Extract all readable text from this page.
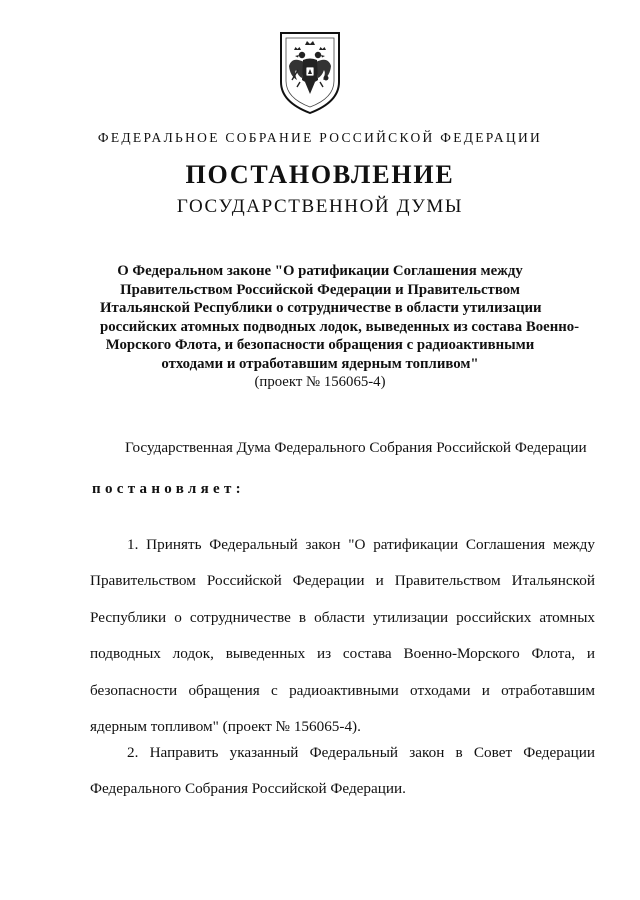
ФЕДЕРАЛЬНОЕ СОБРАНИЕ РОССИЙСКОЙ ФЕДЕРАЦИИ
ПОСТАНОВЛЕНИЕ
ГОСУДАРСТВЕННОЙ ДУМЫ
О Федеральном законе "О ратификации Соглашения между
Правительством Российской Федерации и Правительством
Итальянской Республики о сотрудничестве в области утилизации
российских атомных подводных лодок, выведенных из состава Военно-
Морского Флота, и безопасности обращения с радиоактивными
отходами и отработавшим ядерным топливом"
(проект № 156065-4)
Государственная Дума Федерального Собрания Российской Федерации
постановляет:
1. Принять Федеральный закон "О ратификации Соглашения между
Правительством Российской Федерации и Правительством Итальянской
Республики о сотрудничестве в области утилизации российских атомных
подводных лодок, выведенных из состава Военно-Морского Флота, и
безопасности обращения с радиоактивными отходами и отработавшим
ядерным топливом" (проект № 156065-4).
2. Направить указанный Федеральный закон в Совет Федерации
Федерального Собрания Российской Федерации.
